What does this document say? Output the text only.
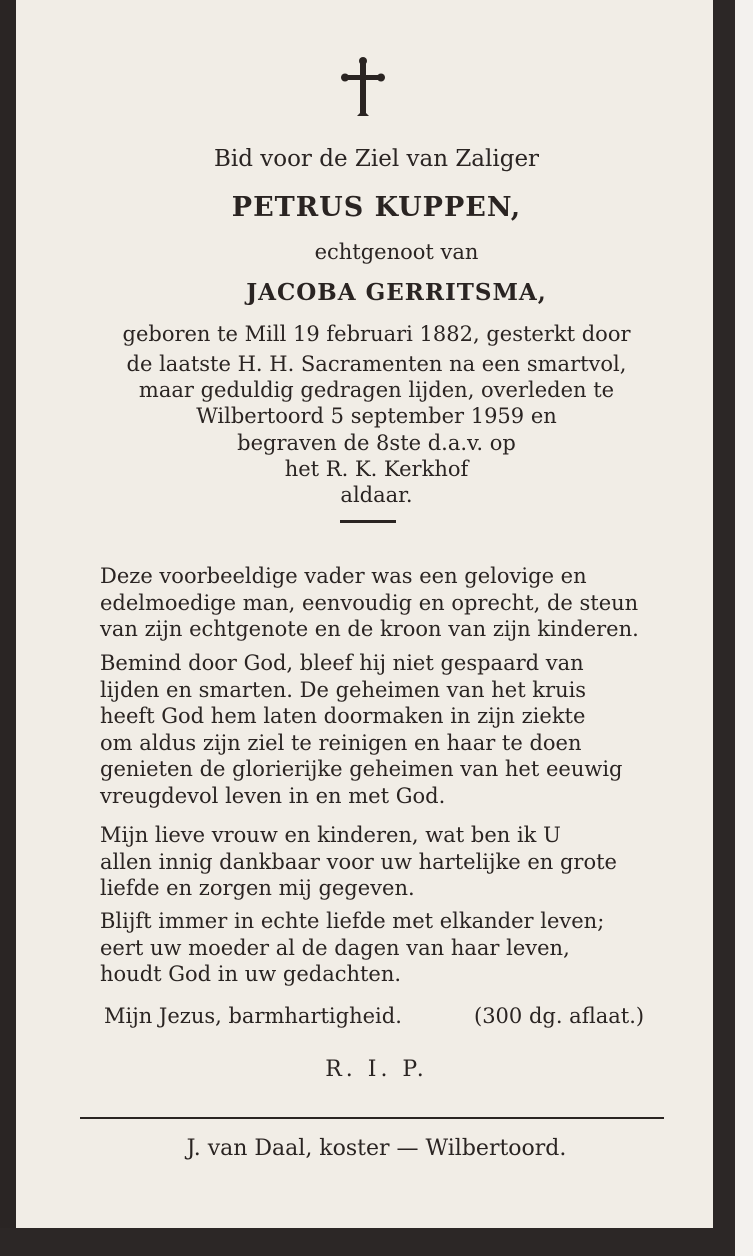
Bid voor de Ziel van Zaliger
PETRUS KUPPEN,
echtgenoot van
JACOBA GERRITSMA,
geboren te Mill 19 februari 1882, gesterkt door
de laatste H. H. Sacramenten na een smartvol,
maar geduldig gedragen lijden, overleden te
Wilbertoord 5 september 1959 en
begraven de 8ste d.a.v. op
het R. K. Kerkhof
aldaar.
Deze voorbeeldige vader was een gelovige en
edelmoedige man, eenvoudig en oprecht, de steun
van zijn echtgenote en de kroon van zijn kinderen.
Bemind door God, bleef hij niet gespaard van
lijden en smarten. De geheimen van het kruis
heeft God hem laten doormaken in zijn ziekte
om aldus zijn ziel te reinigen en haar te doen
genieten de glorierijke geheimen van het eeuwig
vreugdevol leven in en met God.
Mijn lieve vrouw en kinderen, wat ben ik U
allen innig dankbaar voor uw hartelijke en grote
liefde en zorgen mij gegeven.
Blijft immer in echte liefde met elkander leven;
eert uw moeder al de dagen van haar leven,
houdt God in uw gedachten.
Mijn Jezus, barmhartigheid.	(300 dg. aflaat.)
R. I. P.
J. van Daal, koster — Wilbertoord.
